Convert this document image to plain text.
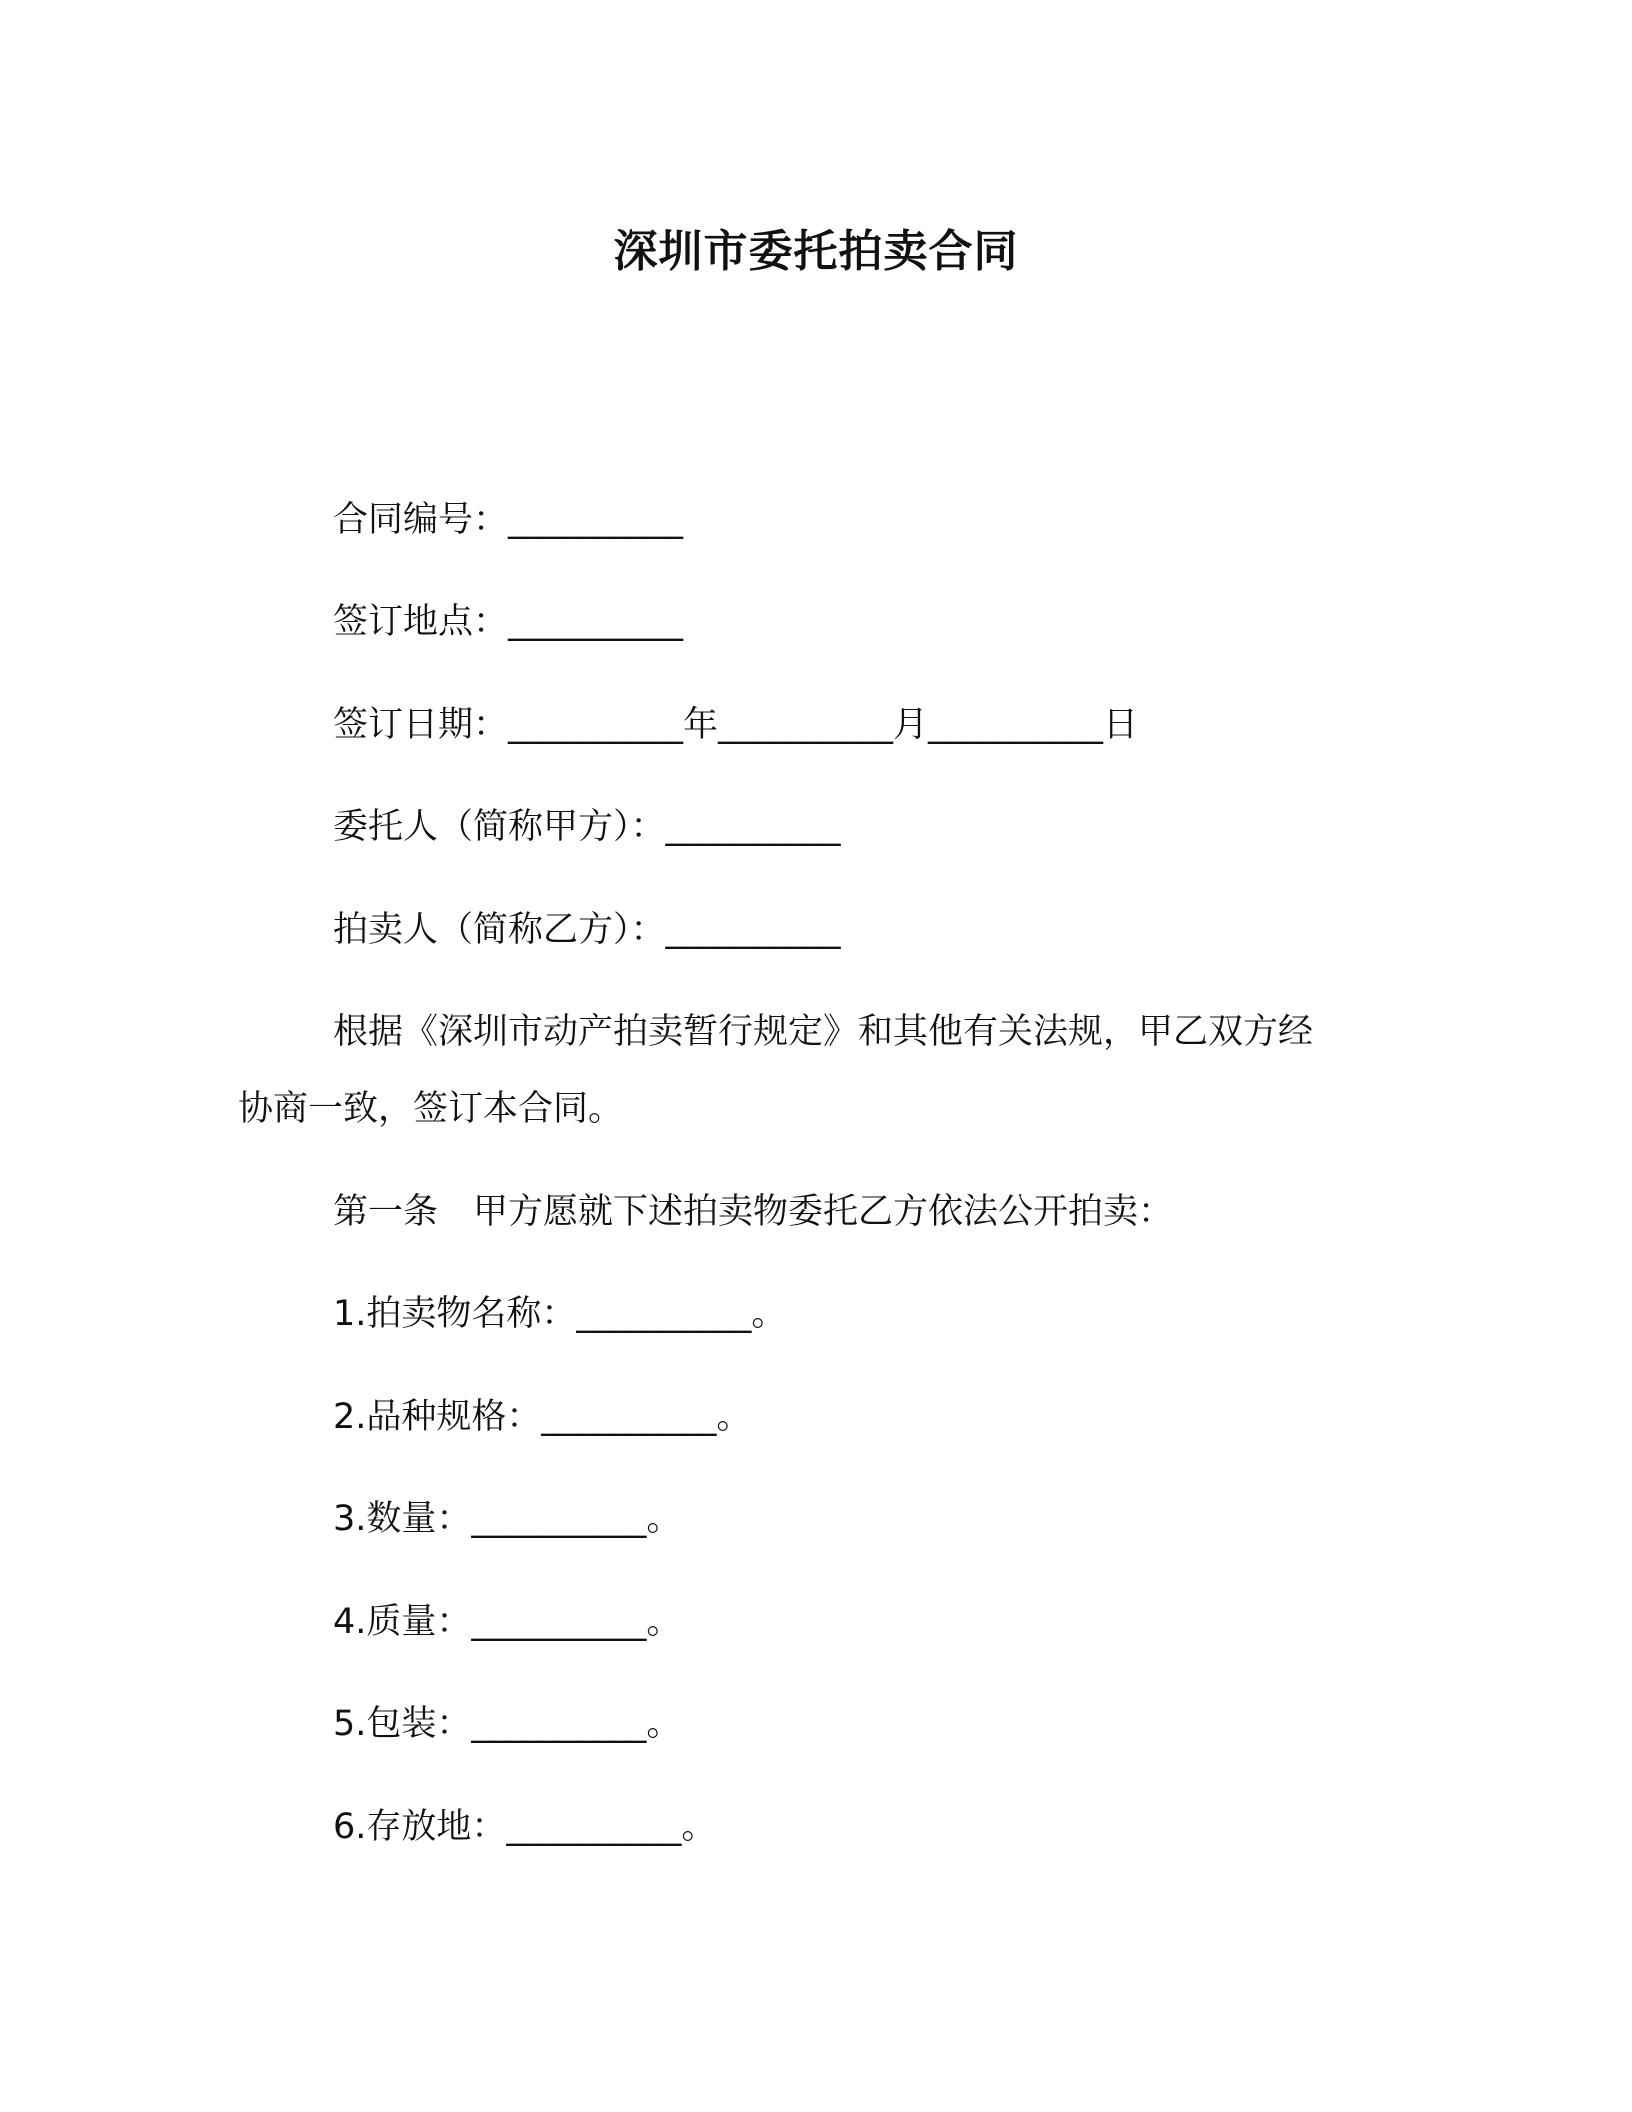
深圳市委托拍卖合同
合同编号：__________
签订地点：__________
签订日期：__________年__________月__________日
委托人（简称甲方）：__________
拍卖人（简称乙方）：__________
根据《深圳市动产拍卖暂行规定》和其他有关法规，甲乙双方经
协商一致，签订本合同。
第一条　甲方愿就下述拍卖物委托乙方依法公开拍卖：
1.拍卖物名称：__________。
2.品种规格：__________。
3.数量：__________。
4.质量：__________。
5.包装：__________。
6.存放地：__________。
